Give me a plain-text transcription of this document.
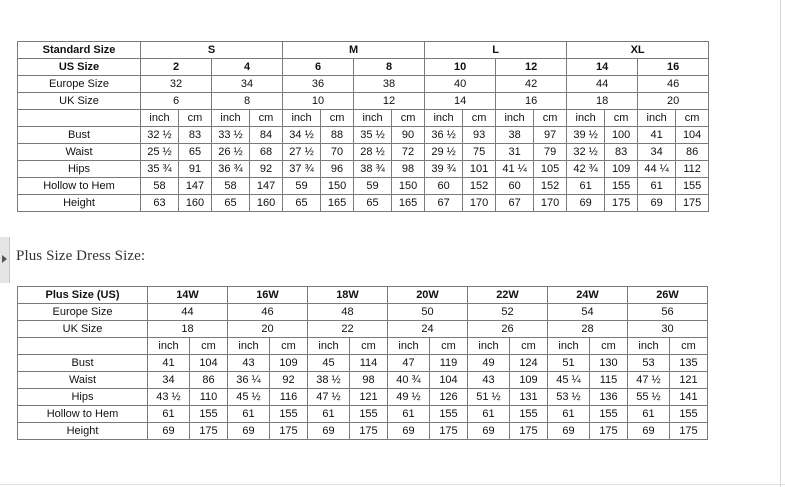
Standard Size	S				M				L				XL			
US Size	2		4		6		8		10		12		14		16	
Europe Size	32		34		36		38		40		42		44		46	
UK Size	6		8		10		12		14		16		18		20	
	inch	cm	inch	cm	inch	cm	inch	cm	inch	cm	inch	cm	inch	cm	inch	cm
Bust	32 ½	83	33 ½	84	34 ½	88	35 ½	90	36 ½	93	38	97	39 ½	100	41	104
Waist	25 ½	65	26 ½	68	27 ½	70	28 ½	72	29 ½	75	31	79	32 ½	83	34	86
Hips	35 ¾	91	36 ¾	92	37 ¾	96	38 ¾	98	39 ¾	101	41 ¼	105	42 ¾	109	44 ¼	112
Hollow to Hem	58	147	58	147	59	150	59	150	60	152	60	152	61	155	61	155
Height	63	160	65	160	65	165	65	165	67	170	67	170	69	175	69	175
Plus Size Dress Size:
Plus Size (US)	14W		16W		18W		20W		22W		24W		26W	
Europe Size	44		46		48		50		52		54		56	
UK Size	18		20		22		24		26		28		30	
	inch	cm	inch	cm	inch	cm	inch	cm	inch	cm	inch	cm	inch	cm
Bust	41	104	43	109	45	114	47	119	49	124	51	130	53	135
Waist	34	86	36 ¼	92	38 ½	98	40 ¾	104	43	109	45 ¼	115	47 ½	121
Hips	43 ½	110	45 ½	116	47 ½	121	49 ½	126	51 ½	131	53 ½	136	55 ½	141
Hollow to Hem	61	155	61	155	61	155	61	155	61	155	61	155	61	155
Height	69	175	69	175	69	175	69	175	69	175	69	175	69	175
